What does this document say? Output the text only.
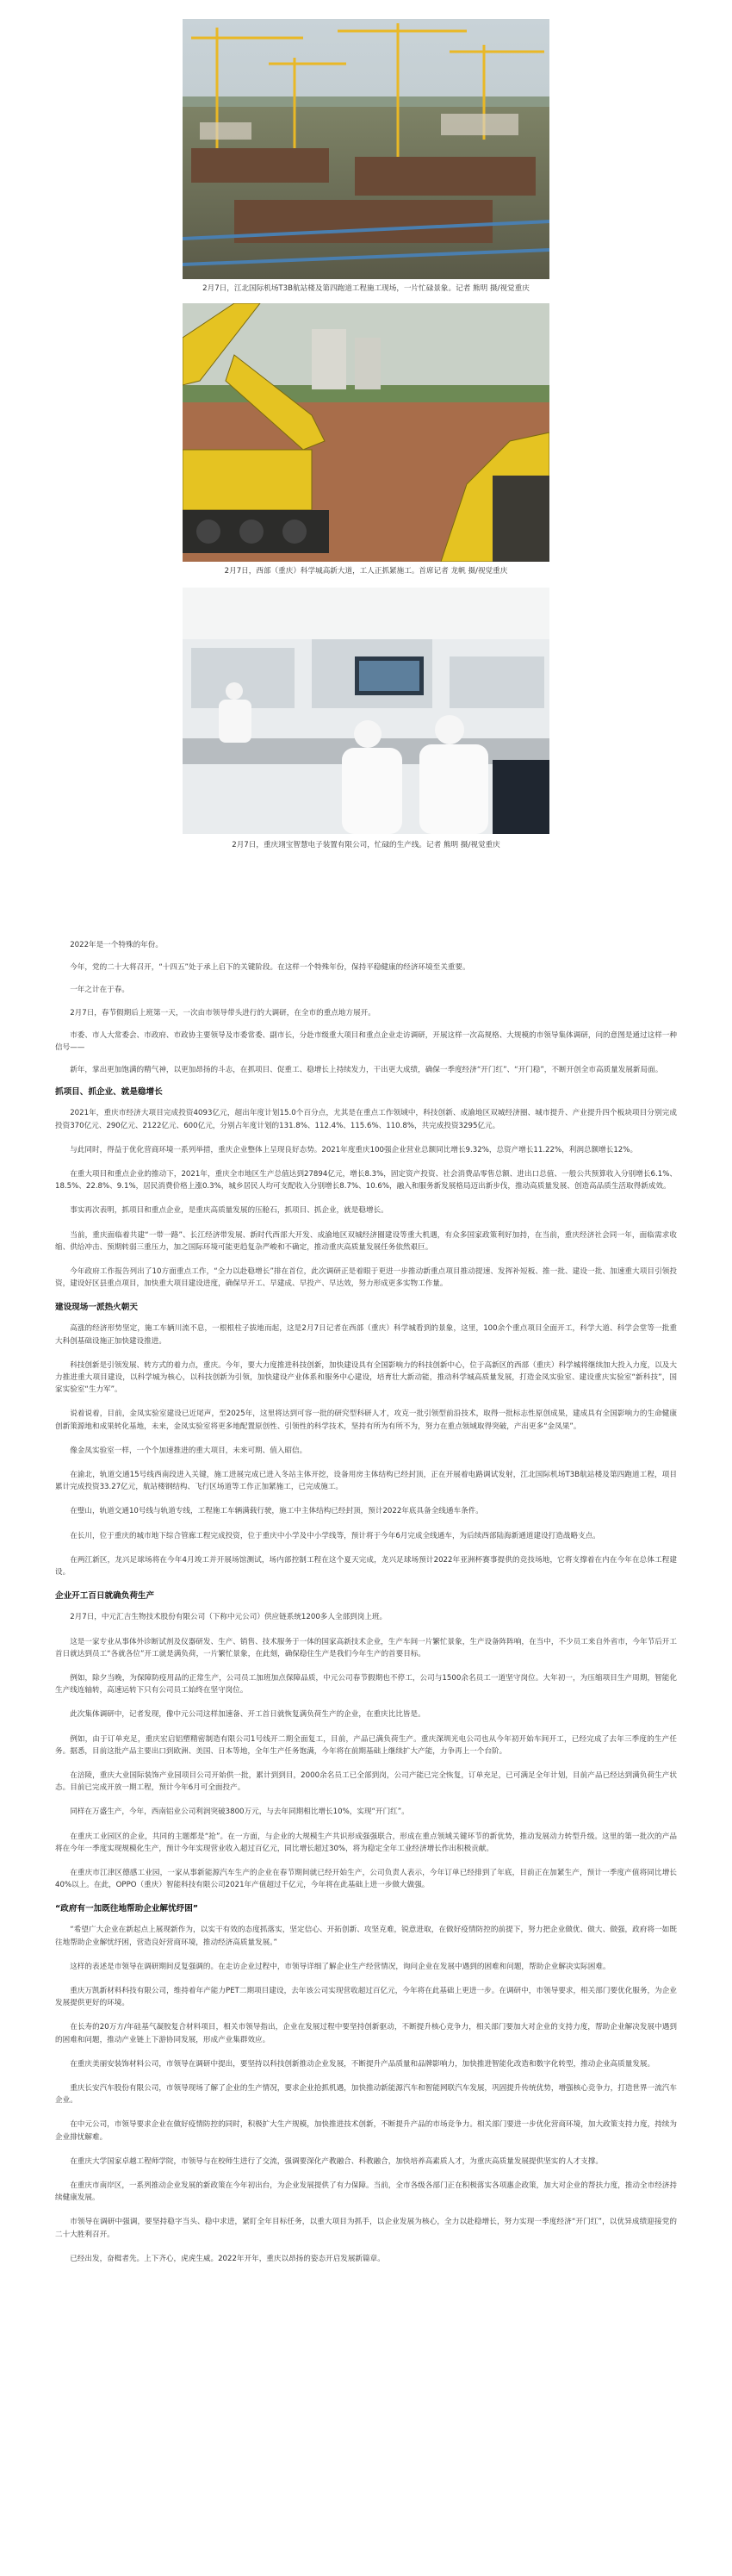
2月7日，江北国际机场T3B航站楼及第四跑道工程施工现场，一片忙碌景象。记者 熊明 摄/视觉重庆
2月7日，西部（重庆）科学城高新大道，工人正抓紧施工。首席记者 龙帆 摄/视觉重庆
2月7日，重庆翊宝智慧电子装置有限公司，忙碌的生产线。记者 熊明 摄/视觉重庆

2022年是一个特殊的年份。

今年，党的二十大将召开，“十四五”处于承上启下的关键阶段。在这样一个特殊年份，保持平稳健康的经济环境至关重要。

一年之计在于春。

2月7日，春节假期后上班第一天，一次由市领导带头进行的大调研，在全市的重点地方展开。

市委、市人大常委会、市政府、市政协主要领导及市委常委、副市长，分赴市级重大项目和重点企业走访调研，开展这样一次高规格、大规模的市领导集体调研，问的意图是通过这样一种信号——

新年，掌出更加饱满的精气神，以更加昂扬的斗志，在抓项目、促重工、稳增长上持续发力，干出更大成绩，确保一季度经济“开门红”、“开门稳”，不断开创全市高质量发展新局面。

抓项目、抓企业、就是稳增长

2021年，重庆市经济大项目完成投资4093亿元，超出年度计划15.0个百分点，尤其是在重点工作领域中，科技创新、成渝地区双城经济圈、城市提升、产业提升四个板块项目分别完成投资370亿元、290亿元、2122亿元、600亿元，分别占年度计划的131.8%、112.4%、115.6%、110.8%，共完成投资3295亿元。

与此同时，得益于优化营商环境一系列举措，重庆企业整体上呈现良好态势。2021年度重庆100强企业营业总额同比增长9.32%，总资产增长11.22%，利润总额增长12%。

在重大项目和重点企业的推动下，2021年，重庆全市地区生产总值达到27894亿元，增长8.3%，固定资产投资、社会消费品零售总额、进出口总值、一般公共预算收入分别增长6.1%、18.5%、22.8%、9.1%，居民消费价格上涨0.3%，城乡居民人均可支配收入分别增长8.7%、10.6%，融入和服务新发展格局迈出新步伐，推动高质量发展、创造高品质生活取得新成效。

事实再次表明，抓项目和重点企业，是重庆高质量发展的压舱石，抓项目、抓企业，就是稳增长。

当前，重庆面临着共建“一带一路”、长江经济带发展、新时代西部大开发、成渝地区双城经济圈建设等重大机遇，有众多国家政策利好加持，在当前，重庆经济社会同一年，面临需求收缩、供给冲击、预期转弱三重压力，加之国际环境可能更趋复杂严峻和不确定，推动重庆高质量发展任务依然艰巨。

今年政府工作报告列出了10方面重点工作，“全力以赴稳增长”排在首位，此次调研正是着眼于更进一步推动新重点项目推动提速、发挥补短板、推一批、建设一批、加速重大项目引领投资，建设好区县重点项目，加快重大项目建设进度，确保早开工、早建成、早投产、早达效，努力形成更多实物工作量。

建设现场一派热火朝天

高涨的经济形势坚定，施工车辆川流不息，一根根柱子拔地而起，这是2月7日记者在西部（重庆）科学城看到的景象，这里，100余个重点项目全面开工，科学大道、科学会堂等一批重大科创基础设施正加快建设推进。

科技创新是引领发展、转方式的着力点，重庆。今年，要大力度推进科技创新，加快建设具有全国影响力的科技创新中心，位于高新区的西部（重庆）科学城将继续加大投入力度，以及大力推进重大项目建设，以科学城为核心，以科技创新为引领，加快建设产业体系和服务中心建设，培育壮大新动能，推动科学城高质量发展，打造金凤实验室、建设重庆实验室“新科技”，国家实验室“生力军”。

说着说着，目前，金凤实验室建设已近尾声，至2025年，这里将达到可容一批的研究型科研人才，攻克一批引领型前沿技术，取得一批标志性原创成果，建成具有全国影响力的生命健康创新策源地和成果转化基地，未来，金凤实验室将更多地配置原创性、引领性的科学技术，坚持有所为有所不为，努力在重点领域取得突破，产出更多“金凤果”。

像金凤实验室一样，一个个加速推进的重大项目，未来可期、值入昭信。

在渝北，轨道交通15号线西南段进入关键，施工进展完成已进入冬站主体开挖，设备用房主体结构已经封顶，正在开展着电路调试发射，江北国际机场T3B航站楼及第四跑道工程，项目累计完成投资33.27亿元，航站楼钢结构、飞行区场道等工作正加紧施工，已完成施工。

在璧山，轨道交通10号线与轨道专线，工程施工车辆满载行驶，施工中主体结构已经封顶，预计2022年底具备全线通车条件。

在长川，位于重庆的城市地下综合管廊工程完成投资，位于重庆中小学及中小学线等，预计将于今年6月完成全线通车，为后续西部陆海新通道建设打造战略支点。

在两江新区，龙兴足球场将在今年4月竣工并开展场馆测试，场内部控制工程在这个夏天完成，龙兴足球场预计2022年亚洲杯赛事提供的竞技场地，它将支撑着在内在今年在总体工程建设。

企业开工百日就确负荷生产

2月7日，中元汇吉生物技术股份有限公司（下称中元公司）供应链系统1200多人全部到岗上班。

这是一家专业从事体外诊断试剂及仪器研发、生产、销售、技术服务于一体的国家高新技术企业，生产车间一片繁忙景象，生产设备阵阵响，在当中，不少员工来自外省市，今年节后开工首日就达到员工“各就各位”开工就是满负荷，一片繁忙景象，在此刻，确保稳住生产是我们今年生产的首要目标。

例如，除夕当晚，为保障防疫用品的正常生产，公司员工加班加点保障品质，中元公司春节假期也不停工，公司与1500余名员工一道坚守岗位。大年初一，为压缩项目生产周期，智能化生产线连轴转，高速运转下只有公司员工始终在坚守岗位。

此次集体调研中，记者发现，像中元公司这样加速备、开工首日就恢复满负荷生产的企业，在重庆比比皆是。

例如，由于订单充足，重庆宏启铝塑精密制造有限公司1号线开二期全面复工，目前，产品已满负荷生产。重庆深圳光电公司也从今年初开始车间开工，已经完成了去年三季度的生产任务。据悉，目前这批产品主要出口到欧洲、美国、日本等地，全年生产任务饱满，今年将在前期基础上继续扩大产能，力争再上一个台阶。

在涪陵，重庆大业国际装饰产业园项目公司开始供一批，累计到到目，2000余名员工已全部到岗，公司产能已完全恢复，订单充足，已可满足全年计划，目前产品已经达到满负荷生产状态。目前已完成开放一期工程，预计今年6月可全面投产。

同样在万盛生产，今年，西南铝业公司利润突破3800万元，与去年同期相比增长10%，实现“开门红”。

在重庆工业园区的企业，共同的主题都是“抢”。在一方面，与企业的大规模生产共识形成强强联合，形成在重点领域关键环节的新优势，推动发展动力转型升级。这里的第一批次的产品将在今年一季度实现规模化生产，预计今年实现营业收入超过百亿元，同比增长超过30%，将为稳定全年工业经济增长作出积极贡献。

在重庆市江津区德感工业园，一家从事新能源汽车生产的企业在春节期间就已经开始生产，公司负责人表示，今年订单已经排到了年底，目前正在加紧生产，预计一季度产值将同比增长40%以上。在此，OPPO（重庆）智能科技有限公司2021年产值超过千亿元，今年将在此基础上进一步做大做强。

“政府有一加既往地帮助企业解忧纾困”

“希望广大企业在新起点上展现新作为，以实干有效的态度抓落实，坚定信心、开拓创新、攻坚克难，锐意进取，在做好疫情防控的前提下，努力把企业做优、做大、做强，政府将一如既往地帮助企业解忧纾困，营造良好营商环境，推动经济高质量发展。”

这样的表述是市领导在调研期间反复强调的。在走访企业过程中，市领导详细了解企业生产经营情况，询问企业在发展中遇到的困难和问题，帮助企业解决实际困难。

重庆万凯新材料科技有限公司，维持着年产能力PET二期项目建设，去年该公司实现营收超过百亿元，今年将在此基础上更进一步。在调研中，市领导要求，相关部门要优化服务，为企业发展提供更好的环境。

在长寿的20万方/年硅基气凝胶复合材料项目，相关市领导指出，企业在发展过程中要坚持创新驱动，不断提升核心竞争力，相关部门要加大对企业的支持力度，帮助企业解决发展中遇到的困难和问题，推动产业链上下游协同发展，形成产业集群效应。

在重庆美丽安装饰材料公司，市领导在调研中提出，要坚持以科技创新推动企业发展，不断提升产品质量和品牌影响力，加快推进智能化改造和数字化转型，推动企业高质量发展。

重庆长安汽车股份有限公司，市领导现场了解了企业的生产情况，要求企业抢抓机遇，加快推动新能源汽车和智能网联汽车发展，巩固提升传统优势，增强核心竞争力，打造世界一流汽车企业。

在中元公司，市领导要求企业在做好疫情防控的同时，积极扩大生产规模，加快推进技术创新，不断提升产品的市场竞争力。相关部门要进一步优化营商环境，加大政策支持力度，持续为企业排忧解难。

在重庆大学国家卓越工程师学院，市领导与在校师生进行了交流，强调要深化产教融合、科教融合，加快培养高素质人才，为重庆高质量发展提供坚实的人才支撑。

在重庆市南岸区，一系列推动企业发展的新政策在今年初出台，为企业发展提供了有力保障。当前，全市各级各部门正在积极落实各项惠企政策，加大对企业的帮扶力度，推动全市经济持续健康发展。

市领导在调研中强调，要坚持稳字当头、稳中求进，紧盯全年目标任务，以重大项目为抓手，以企业发展为核心，全力以赴稳增长，努力实现一季度经济“开门红”，以优异成绩迎接党的二十大胜利召开。

已经出发，奋楫者先。上下齐心，虎虎生威。2022年开年，重庆以昂扬的姿态开启发展新篇章。
